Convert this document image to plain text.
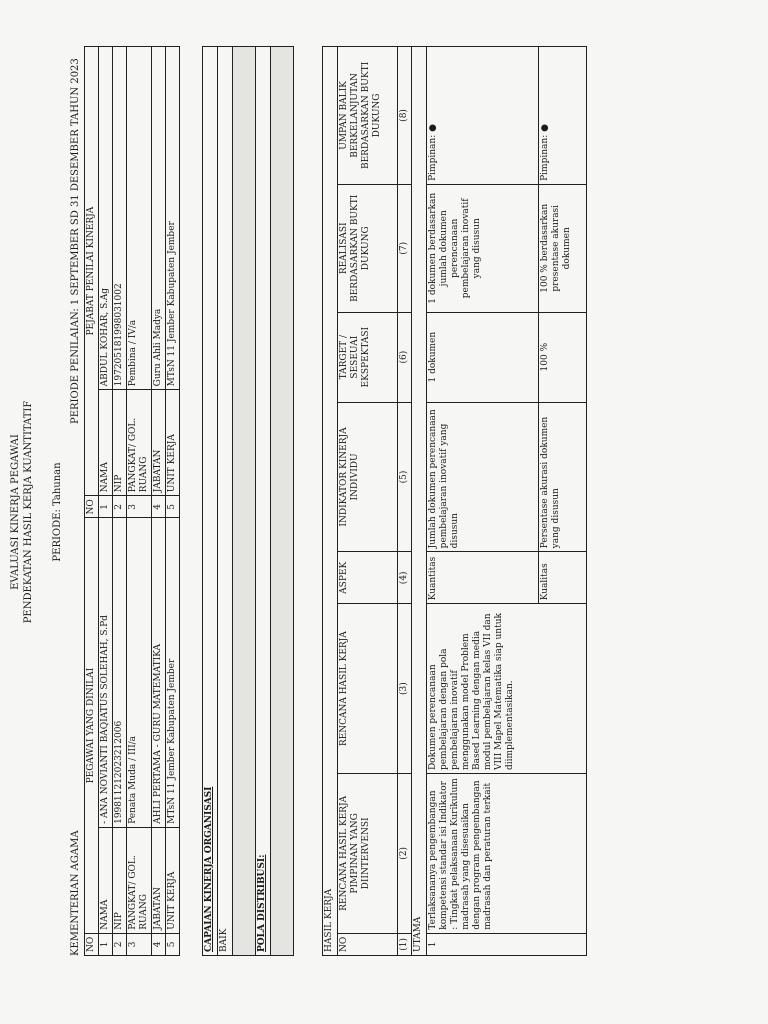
EVALUASI KINERJA PEGAWAI PENDEKATAN HASIL KERJA KUANTITATIF PERIODE: Tahunan
KEMENTERIAN AGAMA
PERIODE PENILAIAN: 1 SEPTEMBER SD 31 DESEMBER TAHUN 2023
NO	PEGAWAI YANG DINILAI		NO	PEJABAT PENILAI KINERJA	
1	NAMA	- ANA NOVIANTI BAQIATUS SOLEHAH, S.Pd	1	NAMA	ABDUL KOHAR, S.Ag
2	NIP	199811212023212006	2	NIP	197205181998031002
3	PANGKAT/ GOL. RUANG	Penata Muda / III/a	3	PANGKAT/ GOL. RUANG	Pembina / IV/a
4	JABATAN	AHLI PERTAMA - GURU MATEMATIKA	4	JABATAN	Guru Ahli Madya
5	UNIT KERJA	MTsN 11 Jember Kabupaten Jember	5	UNIT KERJA	MTsN 11 Jember Kabupaten Jember
CAPAIAN KINERJA ORGANISASI
BAIK

POLA DISTRIBUSI:	HASIL KERJA							
NO	RENCANA HASIL KERJA PIMPINAN YANG DIINTERVENSI	RENCANA HASIL KERJA	ASPEK	INDIKATOR KINERJA INDIVIDU	TARGET / SESEUAI EKSPEKTASI	REALISASI BERDASARKAN BUKTI DUKUNG	UMPAN BALIK BERKELANJUTAN BERDASARKAN BUKTI DUKUNG
(1)	(2)	(3)	(4)	(5)	(6)	(7)	(8)
UTAMA							
1	Terlaksananya pengembangan kompetensi standar isi Indikator : Tingkat pelaksanaan Kurikulum madrasah yang disesuaikan dengan program pengembangan madrasah dan peraturan terkait	Dokumen perencanaan pembelajaran dengan pola pembelajaran inovatif menggunakan model Problem Based Learning dengan media modul pembelajaran kelas VII dan VIII Mapel Matematika siap untuk diimplementasikan.	Kuantitas	Jumlah dokumen perencanaan pembelajaran inovatif yang disusun	1 dokumen	1 dokumen berdasarkan jumlah dokumen perencanaan pembelajaran inovatif yang disusun	Pimpinan: ●
			Kualitas	Persentase akurasi dokumen yang disusun	100 %	100 % berdasarkan presentase akurasi dokumen	Pimpinan: ●
